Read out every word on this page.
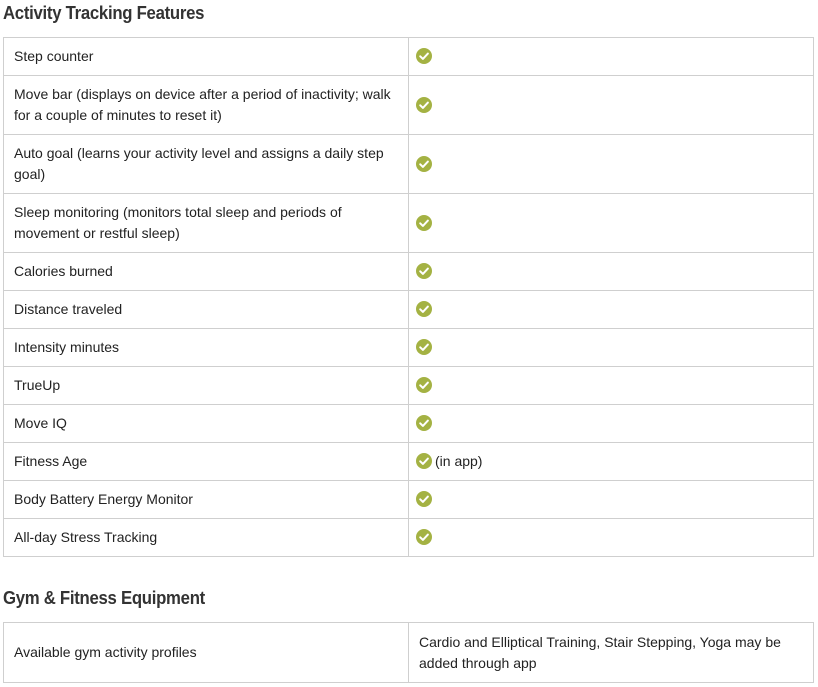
Activity Tracking Features
Step counter	

Move bar (displays on device after a period of inactivity; walk for a couple of minutes to reset it)	

Auto goal (learns your activity level and assigns a daily step goal)	

Sleep monitoring (monitors total sleep and periods of movement or restful sleep)	

Calories burned	

Distance traveled	

Intensity minutes	

TrueUp	

Move IQ	

Fitness Age	(in app)
Body Battery Energy Monitor	

All-day Stress Tracking	
Gym & Fitness Equipment
Available gym activity profiles	Cardio and Elliptical Training, Stair Stepping, Yoga may be added through app
